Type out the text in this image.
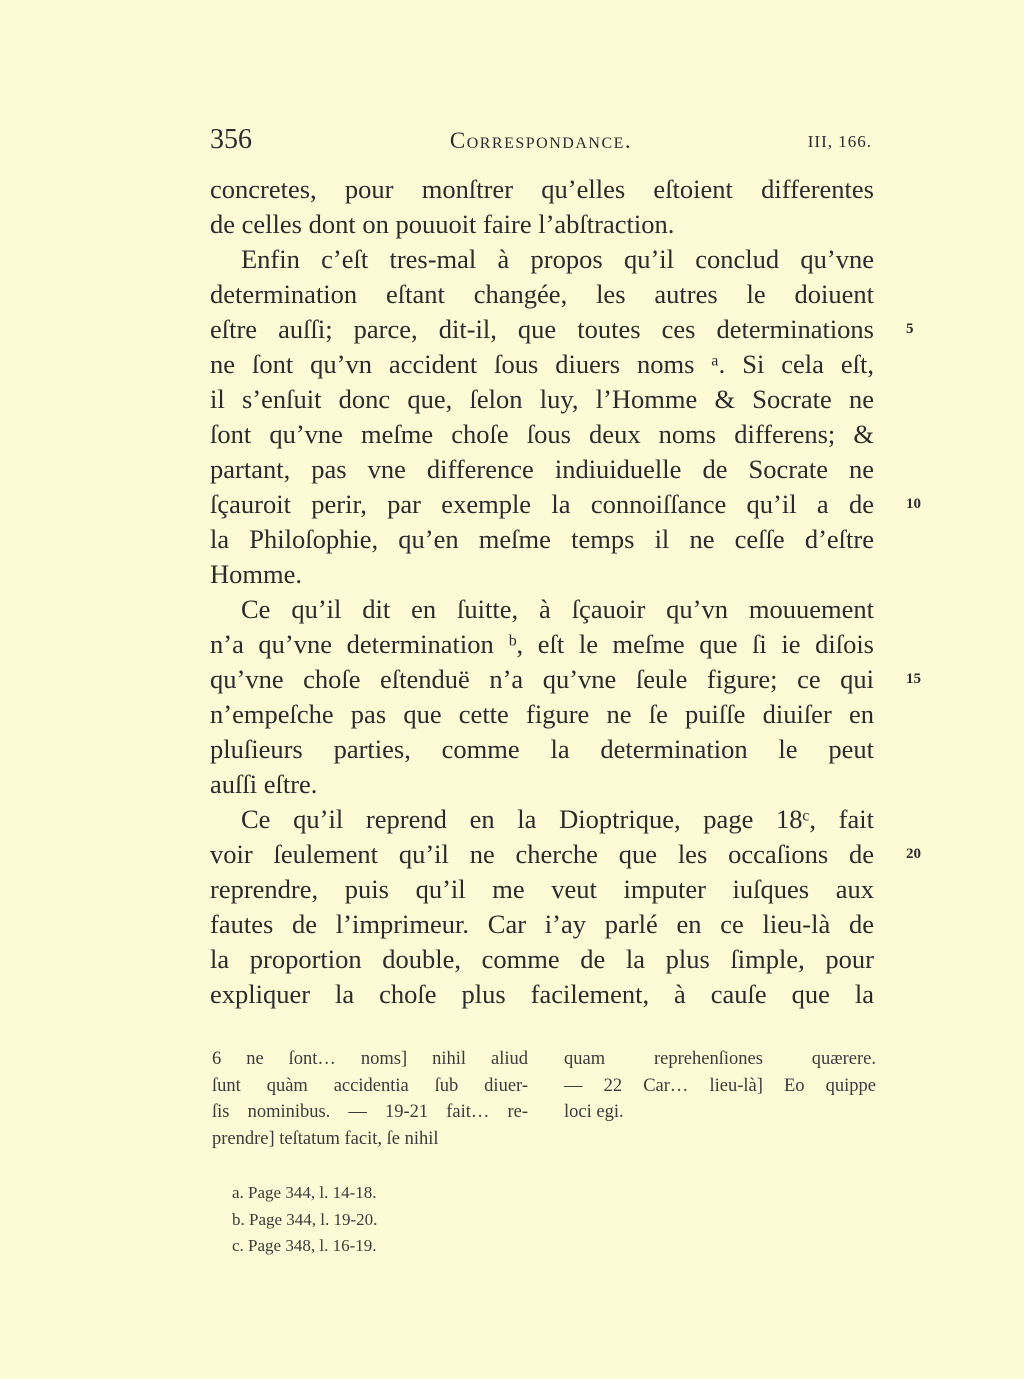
356	Correspondance.	III, 166.
concretes, pour monſtrer qu’elles eſtoient differentes
de celles dont on pouuoit faire l’abſtraction.
Enfin c’eſt tres-mal à propos qu’il conclud qu’vne
determination eſtant changée, les autres le doiuent
eſtre auſſi; parce, dit-il, que toutes ces determinations
ne ſont qu’vn accident ſous diuers noms ᵃ. Si cela eſt,
il s’enſuit donc que, ſelon luy, l’Homme & Socrate ne
ſont qu’vne meſme choſe ſous deux noms differens; &
partant, pas vne difference indiuiduelle de Socrate ne
ſçauroit perir, par exemple la connoiſſance qu’il a de
la Philoſophie, qu’en meſme temps il ne ceſſe d’eſtre
Homme.
Ce qu’il dit en ſuitte, à ſçauoir qu’vn mouuement
n’a qu’vne determination ᵇ, eſt le meſme que ſi ie diſois
qu’vne choſe eſtenduë n’a qu’vne ſeule figure; ce qui
n’empeſche pas que cette figure ne ſe puiſſe diuiſer en
pluſieurs parties, comme la determination le peut
auſſi eſtre.
Ce qu’il reprend en la Dioptrique, page 18ᶜ, fait
voir ſeulement qu’il ne cherche que les occaſions de
reprendre, puis qu’il me veut imputer iuſques aux
fautes de l’imprimeur. Car i’ay parlé en ce lieu-là de
la proportion double, comme de la plus ſimple, pour
expliquer la choſe plus facilement, à cauſe que la
5
10
15
20
6 ne ſont… noms] nihil aliud
ſunt quàm accidentia ſub diuer-
ſis nominibus. — 19-21 fait… re-
prendre] teſtatum facit, ſe nihil
quam reprehenſiones quærere.
— 22 Car… lieu-là] Eo quippe
loci egi.
a. Page 344, l. 14-18.
b. Page 344, l. 19-20.
c. Page 348, l. 16-19.
